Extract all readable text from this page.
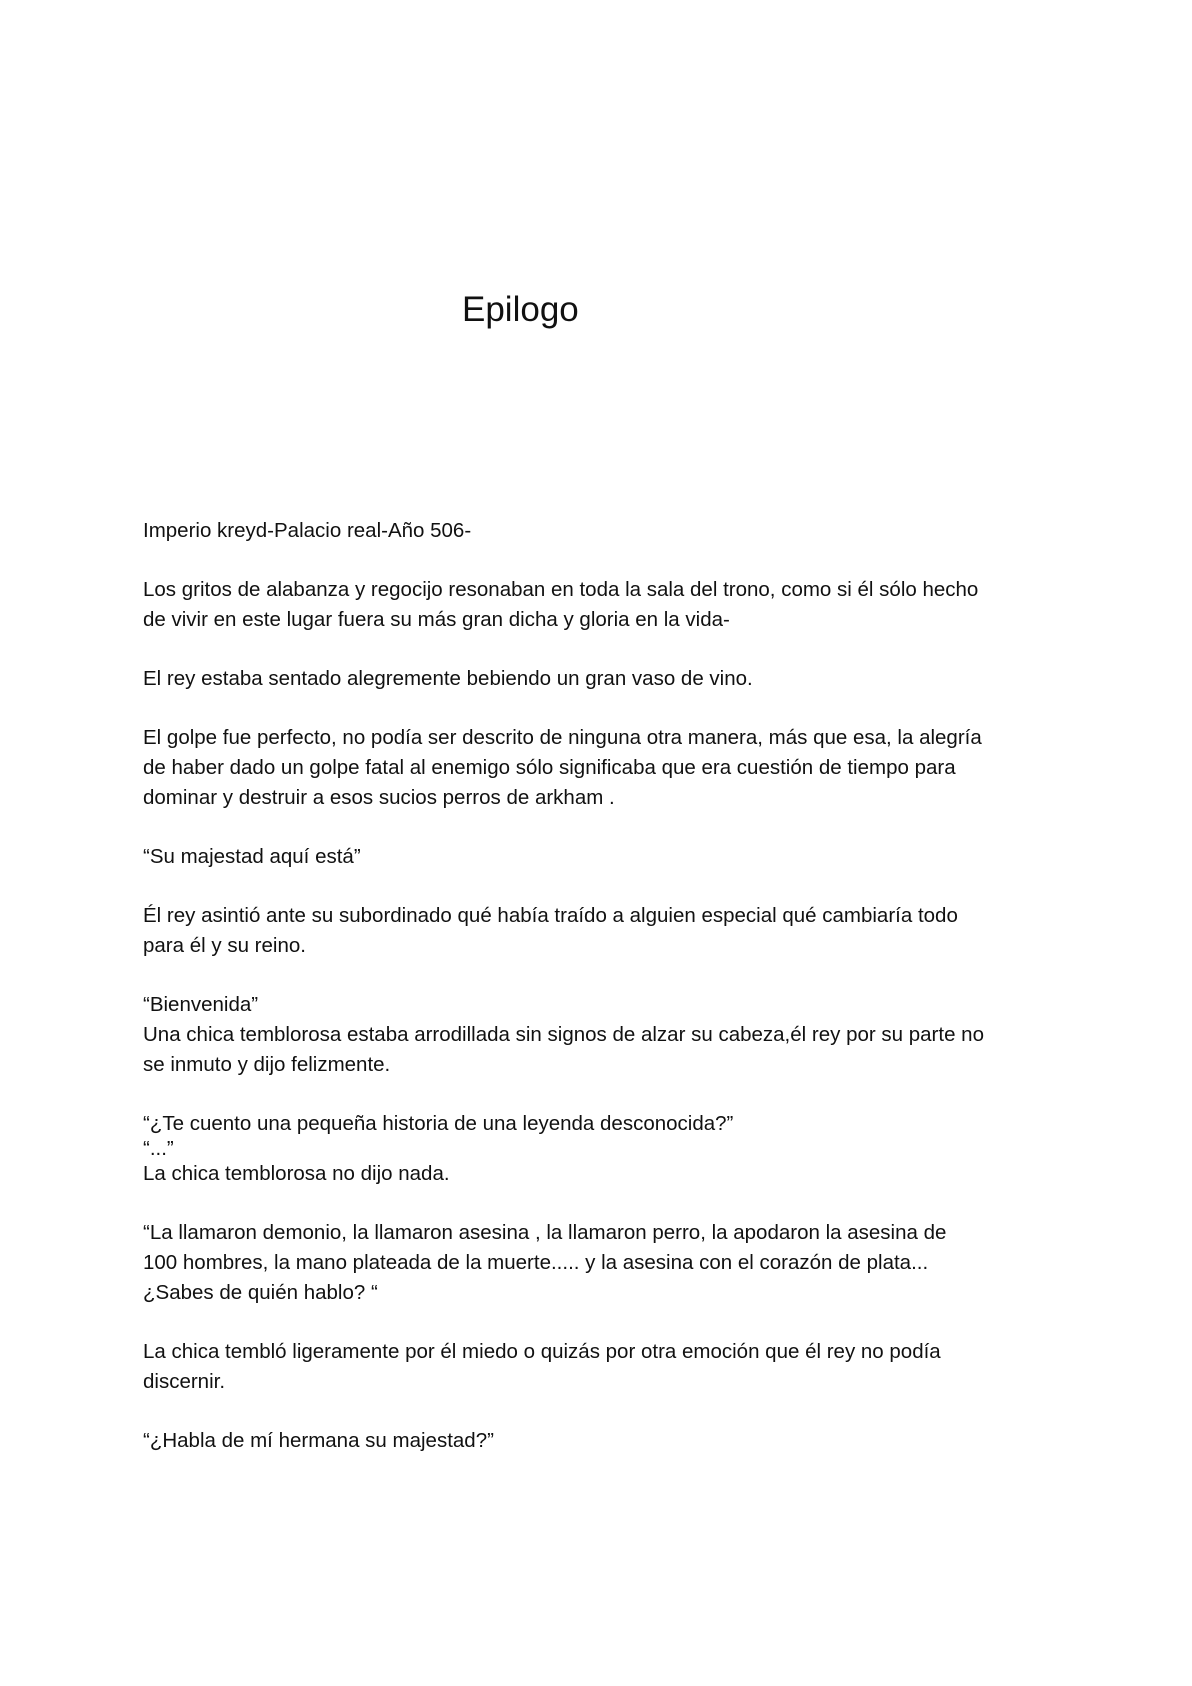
Epilogo

Imperio kreyd-Palacio real-Año 506-

Los gritos de alabanza y regocijo resonaban en toda la sala del trono, como si él sólo hecho
de vivir en este lugar fuera su más gran dicha y gloria en la vida-

El rey estaba sentado alegremente bebiendo un gran vaso de vino.

El golpe fue perfecto, no podía ser descrito de ninguna otra manera, más que esa, la alegría
de haber dado un golpe fatal al enemigo sólo significaba que era cuestión de tiempo para
dominar y destruir a esos sucios perros de arkham .

“Su majestad aquí está”

Él rey asintió ante su subordinado qué había traído a alguien especial qué cambiaría todo
para él y su reino.

“Bienvenida”
Una chica temblorosa estaba arrodillada sin signos de alzar su cabeza,él rey por su parte no
se inmuto y dijo felizmente.

“¿Te cuento una pequeña historia de una leyenda desconocida?”
“...”
La chica temblorosa no dijo nada.

“La llamaron demonio, la llamaron asesina , la llamaron perro, la apodaron la asesina de
100 hombres, la mano plateada de la muerte..... y la asesina con el corazón de plata...
¿Sabes de quién hablo? “

La chica tembló ligeramente por él miedo o quizás por otra emoción que él rey no podía
discernir.

“¿Habla de mí hermana su majestad?”
